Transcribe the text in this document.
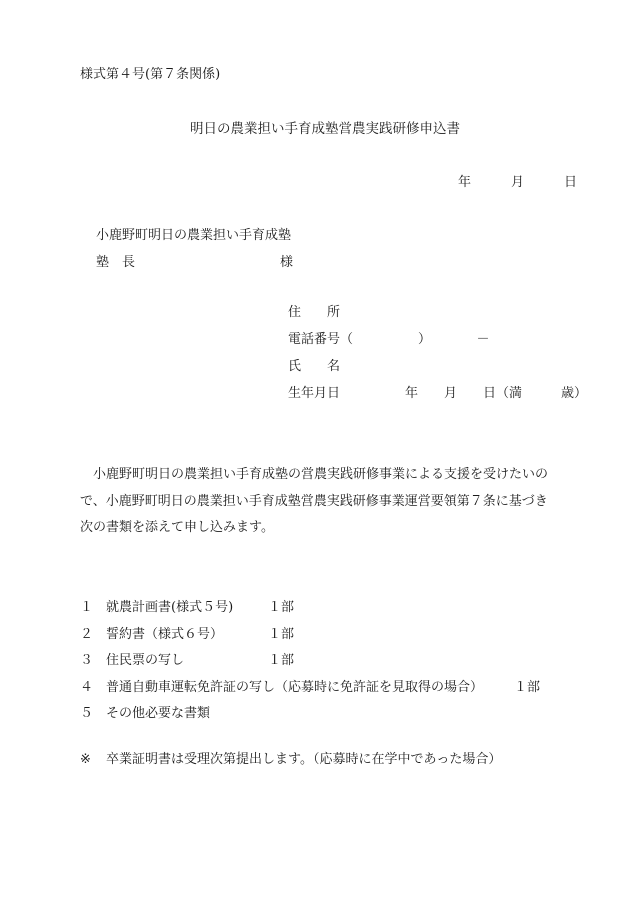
様式第４号(第７条関係)
明日の農業担い手育成塾営農実践研修申込書
年	月	日
小鹿野町明日の農業担い手育成塾
塾　長	様
住　　所
電話番号（　　　　　）　　　　－
氏　　名
生年月日　　　　　年　　月　　日（満　　　歳）
　小鹿野町明日の農業担い手育成塾の営農実践研修事業による支援を受けたいの
で、小鹿野町明日の農業担い手育成塾営農実践研修事業運営要領第７条に基づき
次の書類を添えて申し込みます。
１ 就農計画書(様式５号)	１部
２ 誓約書（様式６号）	１部
３ 住民票の写し	１部
４ 普通自動車運転免許証の写し（応募時に免許証を見取得の場合）	１部
５ その他必要な書類
※ 卒業証明書は受理次第提出します。（応募時に在学中であった場合）
